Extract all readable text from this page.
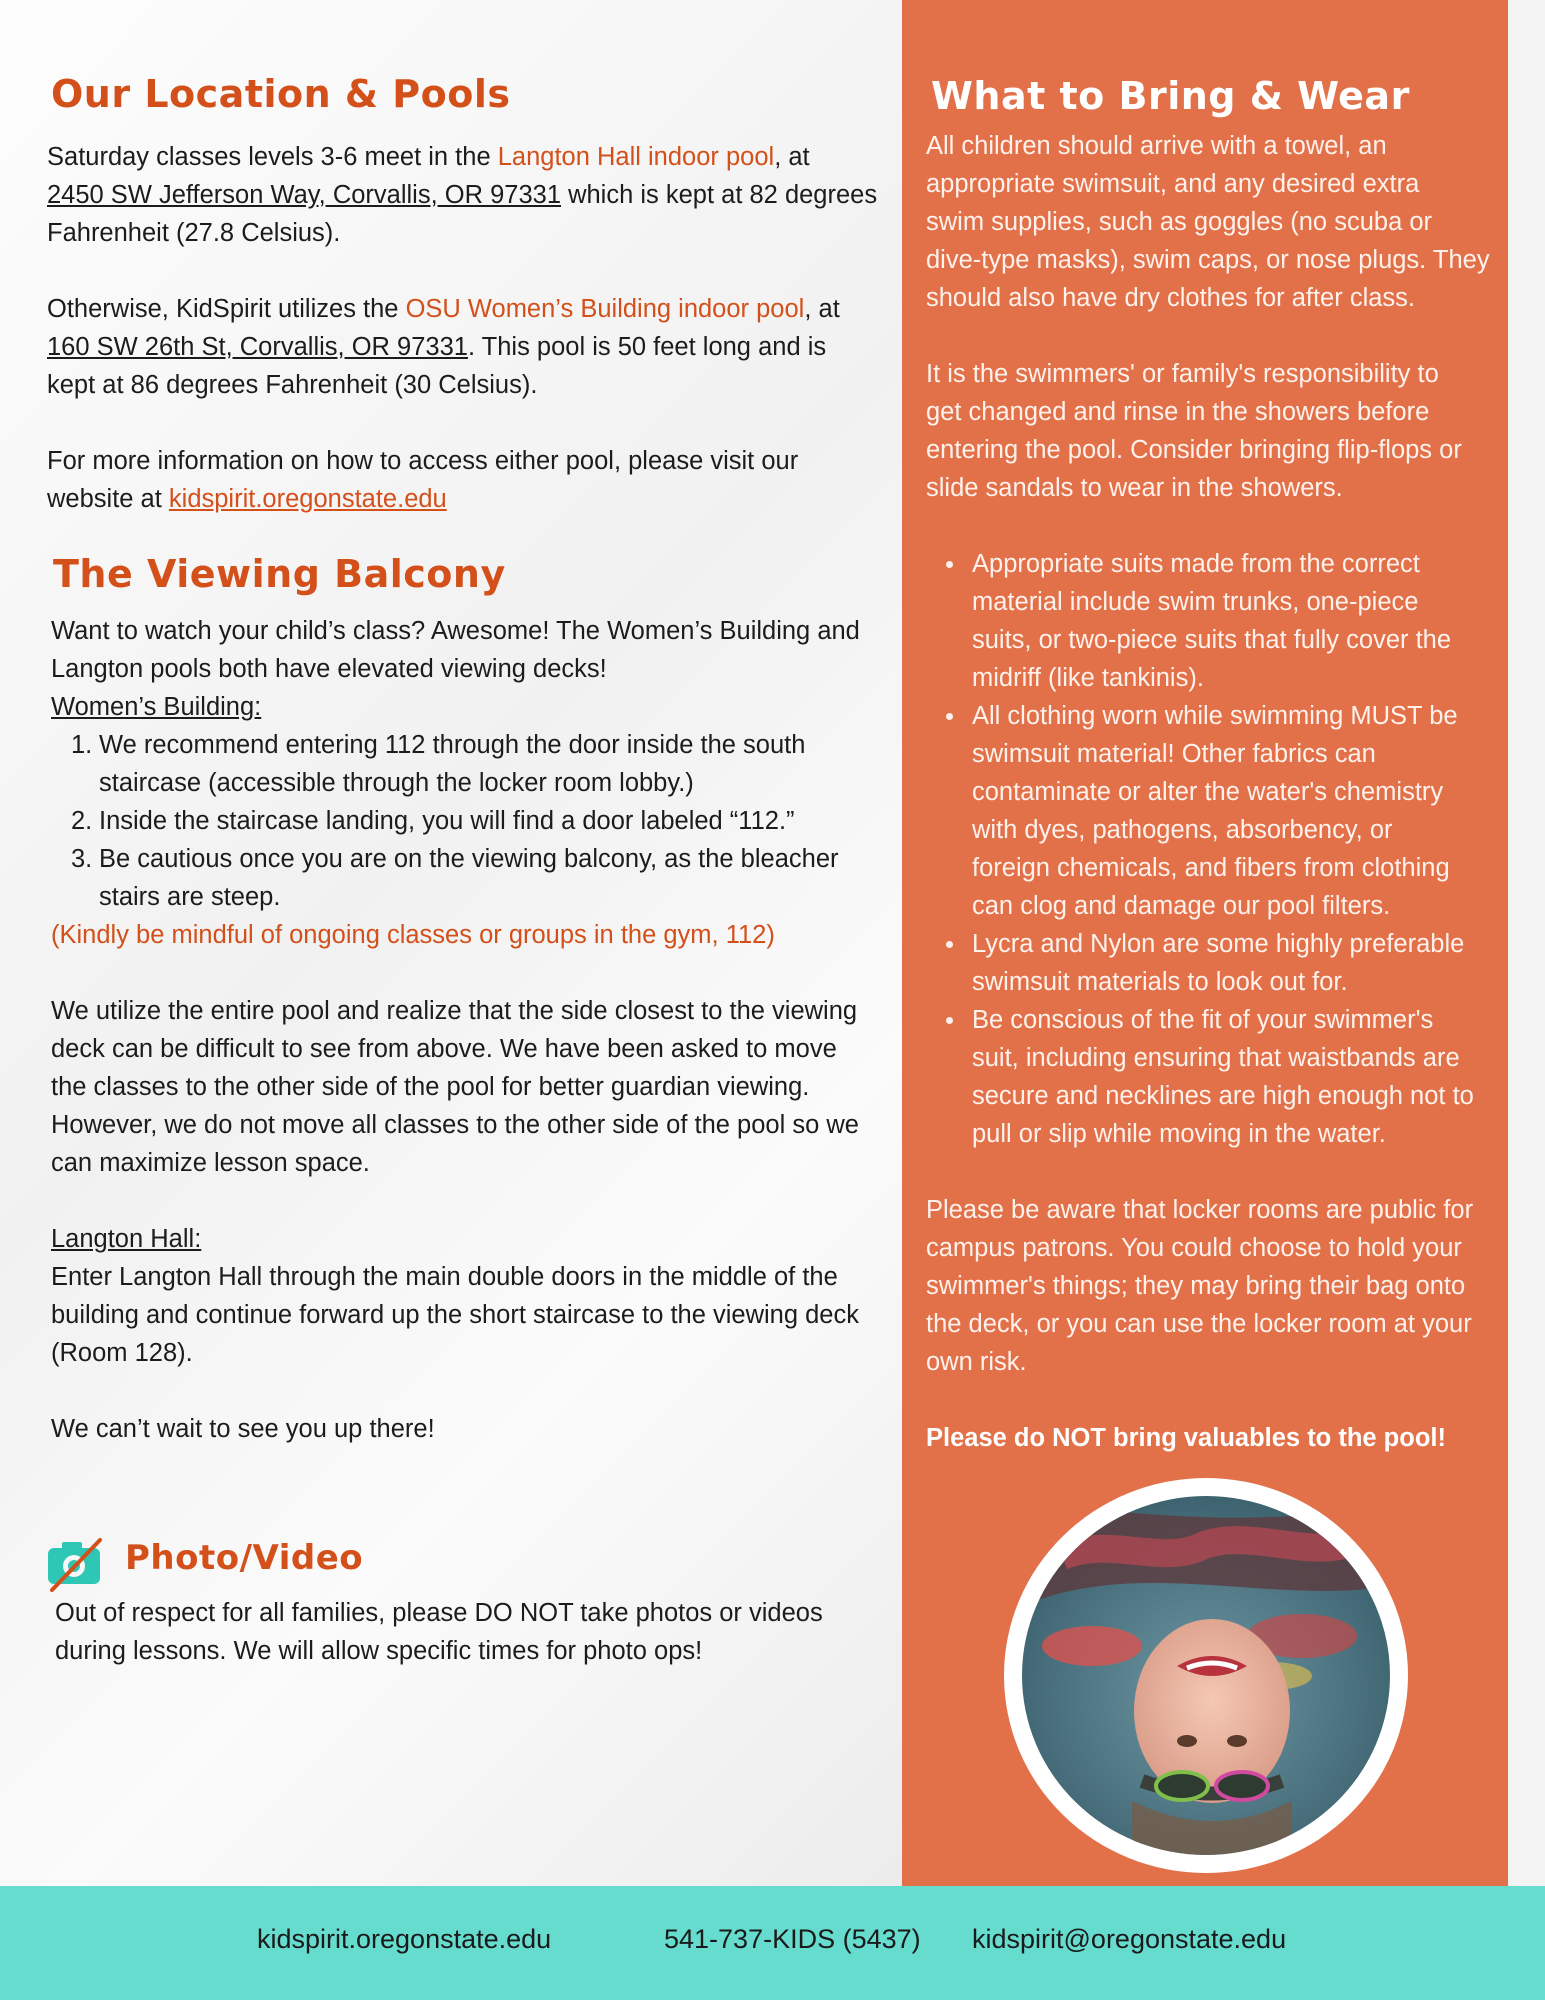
Our Location & Pools
Saturday classes levels 3-6 meet in the Langton Hall indoor pool, at
2450 SW Jefferson Way, Corvallis, OR 97331 which is kept at 82 degrees
Fahrenheit (27.8 Celsius).
Otherwise, KidSpirit utilizes the OSU Women’s Building indoor pool, at
160 SW 26th St, Corvallis, OR 97331. This pool is 50 feet long and is
kept at 86 degrees Fahrenheit (30 Celsius).
For more information on how to access either pool, please visit our
website at kidspirit.oregonstate.edu
The Viewing Balcony
Want to watch your child’s class? Awesome! The Women’s Building and
Langton pools both have elevated viewing decks!
Women’s Building:
1. We recommend entering 112 through the door inside the south
staircase (accessible through the locker room lobby.)
2. Inside the staircase landing, you will find a door labeled “112.”
3. Be cautious once you are on the viewing balcony, as the bleacher
stairs are steep.
(Kindly be mindful of ongoing classes or groups in the gym, 112)
We utilize the entire pool and realize that the side closest to the viewing
deck can be difficult to see from above. We have been asked to move
the classes to the other side of the pool for better guardian viewing.
However, we do not move all classes to the other side of the pool so we
can maximize lesson space.
Langton Hall:
Enter Langton Hall through the main double doors in the middle of the
building and continue forward up the short staircase to the viewing deck
(Room 128).
We can’t wait to see you up there!
Photo/Video
Out of respect for all families, please DO NOT take photos or videos
during lessons. We will allow specific times for photo ops!
What to Bring & Wear
All children should arrive with a towel, an
appropriate swimsuit, and any desired extra
swim supplies, such as goggles (no scuba or
dive-type masks), swim caps, or nose plugs. They
should also have dry clothes for after class.
It is the swimmers' or family's responsibility to
get changed and rinse in the showers before
entering the pool. Consider bringing flip-flops or
slide sandals to wear in the showers.
Appropriate suits made from the correct
material include swim trunks, one-piece
suits, or two-piece suits that fully cover the
midriff (like tankinis).
All clothing worn while swimming MUST be
swimsuit material! Other fabrics can
contaminate or alter the water's chemistry
with dyes, pathogens, absorbency, or
foreign chemicals, and fibers from clothing
can clog and damage our pool filters.
Lycra and Nylon are some highly preferable
swimsuit materials to look out for.
Be conscious of the fit of your swimmer's
suit, including ensuring that waistbands are
secure and necklines are high enough not to
pull or slip while moving in the water.
Please be aware that locker rooms are public for
campus patrons. You could choose to hold your
swimmer's things; they may bring their bag onto
the deck, or you can use the locker room at your
own risk.
Please do NOT bring valuables to the pool!
kidspirit.oregonstate.edu	541-737-KIDS (5437) kidspirit@oregonstate.edu
